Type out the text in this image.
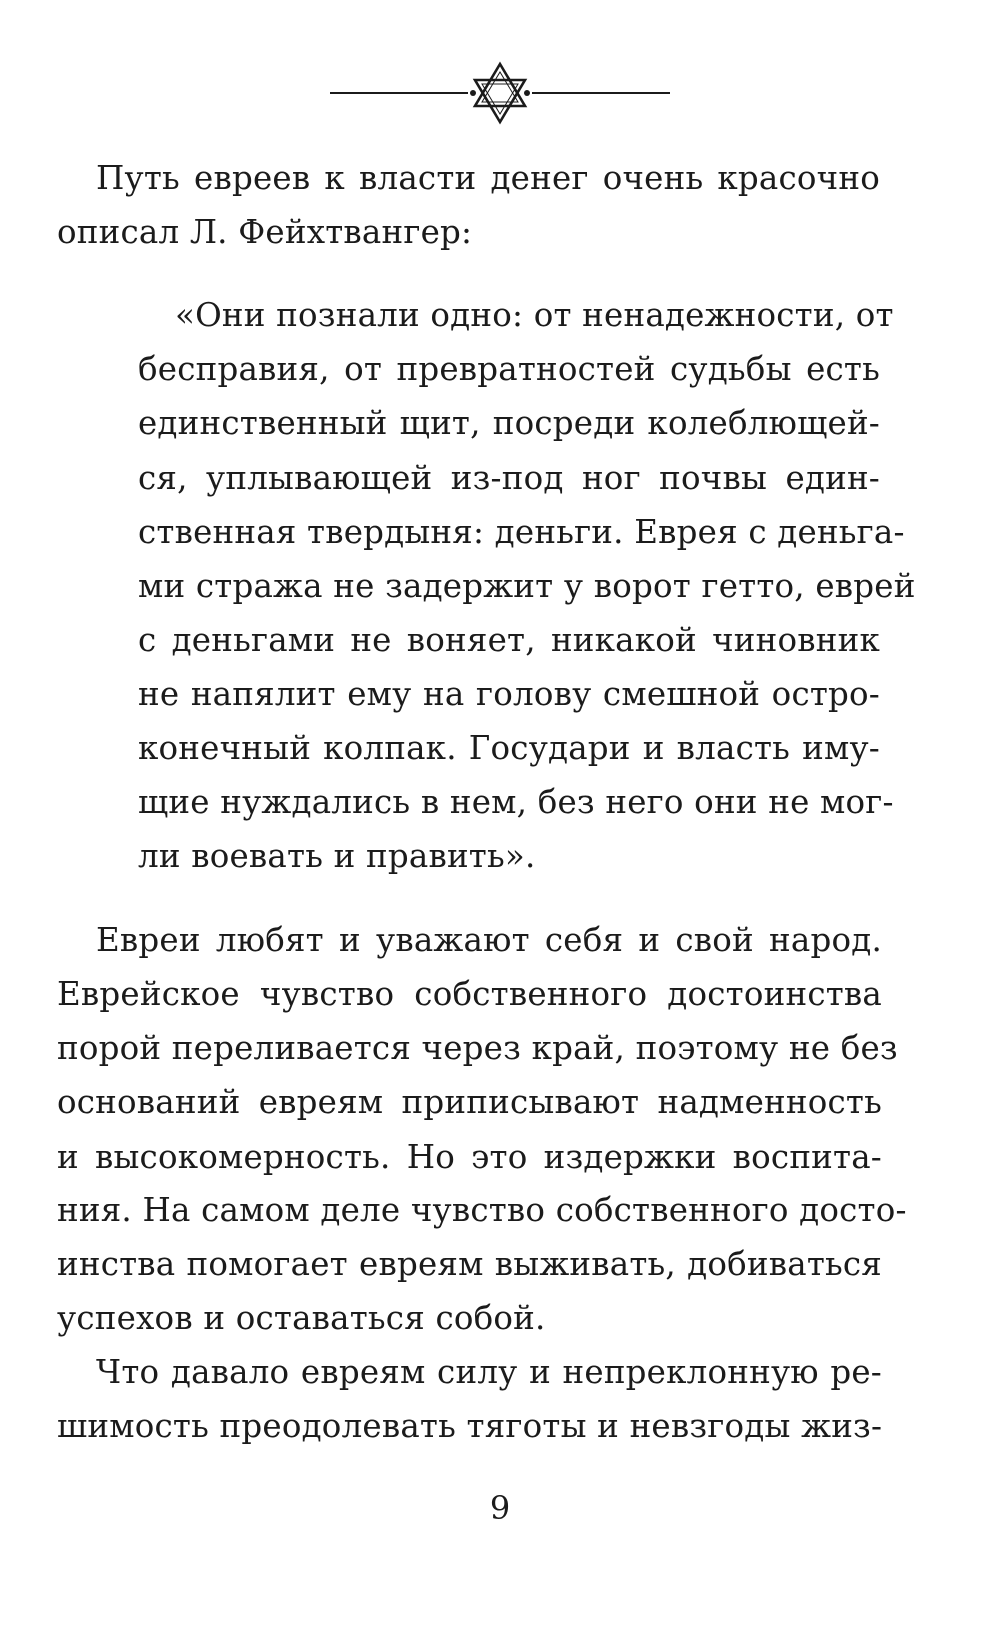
Путь евреев к власти денег очень красочно

описал Л. Фейхтвангер:

«Они познали одно: от ненадежности, от

бесправия, от превратностей судьбы есть

единственный щит, посреди колеблющей-

ся, уплывающей из-под ног почвы един-

ственная твердыня: деньги. Еврея с деньга-

ми стража не задержит у ворот гетто, еврей

с деньгами не воняет, никакой чиновник

не напялит ему на голову смешной остро-

конечный колпак. Государи и власть иму-

щие нуждались в нем, без него они не мог-

ли воевать и править».

Евреи любят и уважают себя и свой народ.

Еврейское чувство собственного достоинства

порой переливается через край, поэтому не без

оснований евреям приписывают надменность

и высокомерность. Но это издержки воспита-

ния. На самом деле чувство собственного досто-

инства помогает евреям выживать, добиваться

успехов и оставаться собой.

Что давало евреям силу и непреклонную ре-

шимость преодолевать тяготы и невзгоды жиз-

9
